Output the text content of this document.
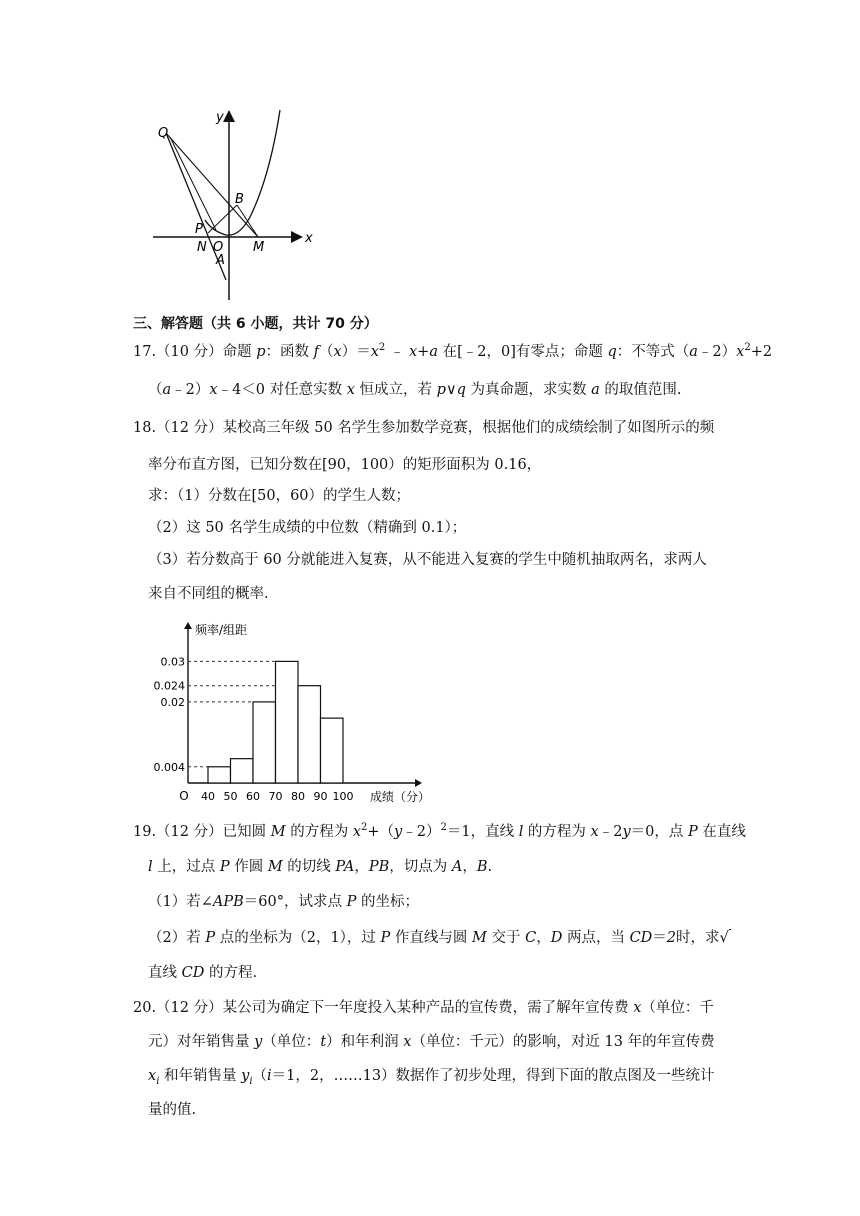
y
x
Q
B
P
N O M
A
三、解答题（共 6 小题，共计 70 分）
17.（10 分）命题 p：函数 $f(x)=x^2$ ﹣ x+a 在[﹣2，0]有零点；命题 q：不等式$(a﹣2)x^2+2$
（a﹣2）x﹣4＜0 对任意实数 x 恒成立，若 p∨q 为真命题，求实数 a 的取值范围.
18.（12 分）某校高三年级 50 名学生参加数学竞赛，根据他们的成绩绘制了如图所示的频
率分布直方图，已知分数在[90，100）的矩形面积为 0.16，
求：（1）分数在[50，60）的学生人数；
（2）这 50 名学生成绩的中位数（精确到 0.1）；
（3）若分数高于 60 分就能进入复赛，从不能进入复赛的学生中随机抽取两名，求两人
来自不同组的概率.
频率/组距
0.03
0.024
0.02
0.004
40 50 60 70 80 90 100
O	成绩（分）
19.（12 分）已知圆 M 的方程为 $x^2+(y﹣2)^2=1$，直线 l 的方程为 x﹣2y＝0，点 P 在直线
l 上，过点 P 作圆 M 的切线 PA，PB，切点为 A，B.
（1）若∠APB＝60°，试求点 P 的坐标；
（2）若 P 点的坐标为（2，1），过 P 作直线与圆 M 交于 C，D 两点，当 CD＝2时，求√
直线 CD 的方程.
20.（12 分）某公司为确定下一年度投入某种产品的宣传费，需了解年宣传费 x（单位：千
元）对年销售量 y（单位：t）和年利润 x（单位：千元）的影响，对近 13 年的年宣传费
$x_i$ 和年销售量 $y_i(i=1$，2，……13）数据作了初步处理，得到下面的散点图及一些统计
量的值.
